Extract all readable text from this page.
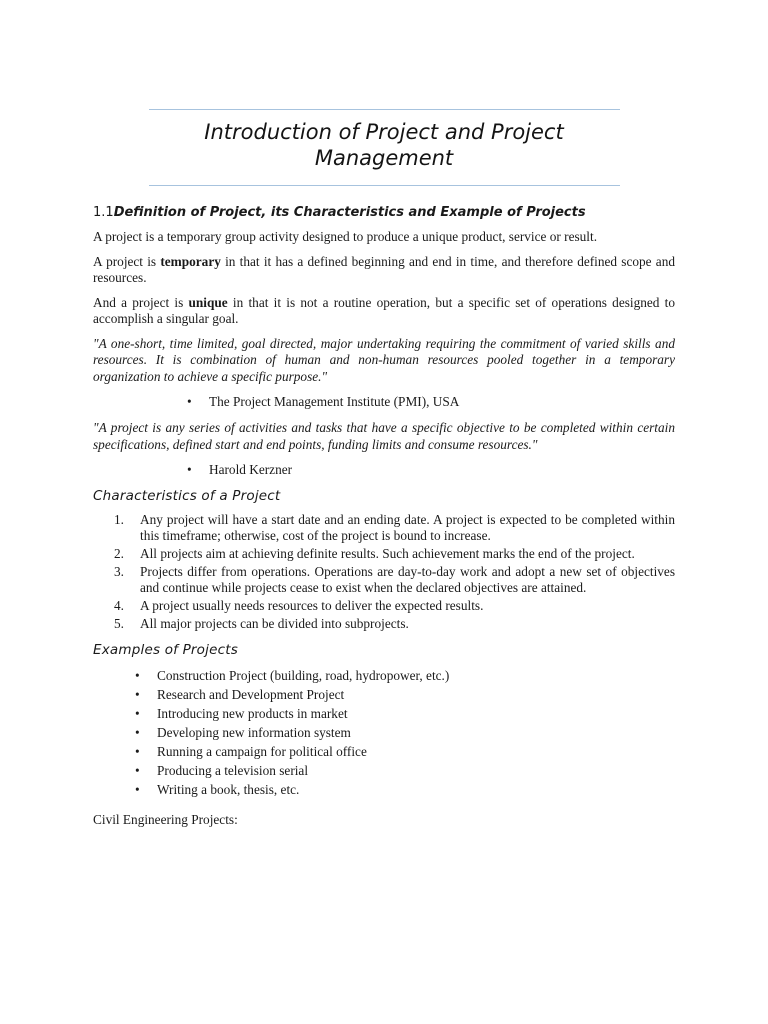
Introduction of Project and Project Management
1.1Definition of Project, its Characteristics and Example of Projects

A project is a temporary group activity designed to produce a unique product, service or result.

A project is temporary in that it has a defined beginning and end in time, and therefore defined scope and resources.

And a project is unique in that it is not a routine operation, but a specific set of operations designed to accomplish a singular goal.

"A one-short, time limited, goal directed, major undertaking requiring the commitment of varied skills and resources. It is combination of human and non-human resources pooled together in a temporary organization to achieve a specific purpose."

• The Project Management Institute (PMI), USA

"A project is any series of activities and tasks that have a specific objective to be completed within certain specifications, defined start and end points, funding limits and consume resources."

• Harold Kerzner
Characteristics of a Project
1. Any project will have a start date and an ending date. A project is expected to be completed within this timeframe; otherwise, cost of the project is bound to increase.
2. All projects aim at achieving definite results. Such achievement marks the end of the project.
3. Projects differ from operations. Operations are day-to-day work and adopt a new set of objectives and continue while projects cease to exist when the declared objectives are attained.
4. A project usually needs resources to deliver the expected results.
5. All major projects can be divided into subprojects.
Examples of Projects
• Construction Project (building, road, hydropower, etc.)
• Research and Development Project
• Introducing new products in market
• Developing new information system
• Running a campaign for political office
• Producing a television serial
• Writing a book, thesis, etc.
Civil Engineering Projects:
